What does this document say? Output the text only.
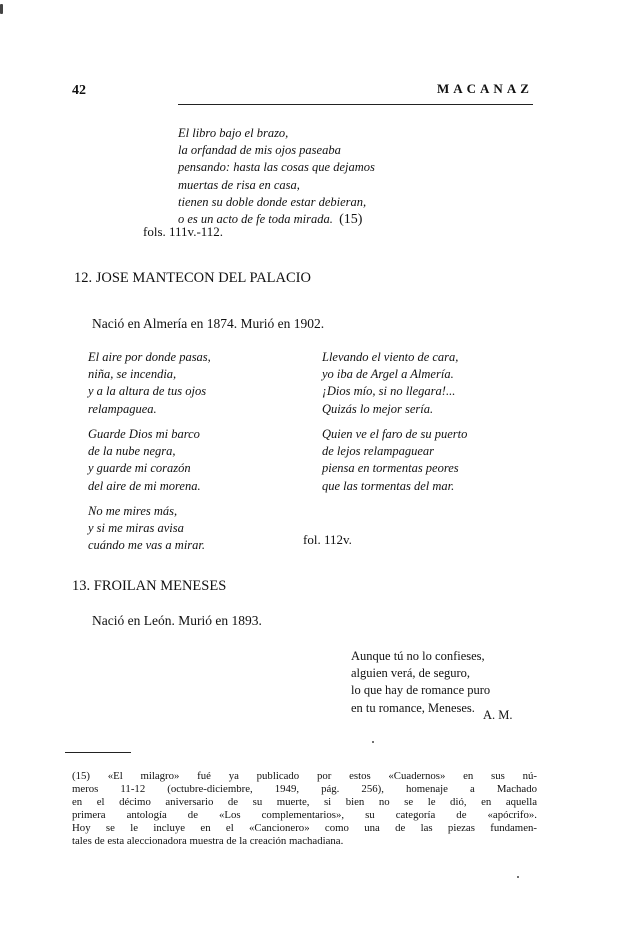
42	MACANAZ
El libro bajo el brazo,
la orfandad de mis ojos paseaba
pensando: hasta las cosas que dejamos
muertas de risa en casa,
tienen su doble donde estar debieran,
o es un acto de fe toda mirada. (15)
fols. 111v.-112.
12. JOSE MANTECON DEL PALACIO
Nació en Almería en 1874. Murió en 1902.
El aire por donde pasas,
niña, se incendia,
y a la altura de tus ojos
relampaguea.
Guarde Dios mi barco
de la nube negra,
y guarde mi corazón
del aire de mi morena.
No me mires más,
y si me miras avisa
cuándo me vas a mirar.
Llevando el viento de cara,
yo iba de Argel a Almería.
¡Dios mío, si no llegara!...
Quizás lo mejor sería.
Quien ve el faro de su puerto
de lejos relampaguear
piensa en tormentas peores
que las tormentas del mar.
fol. 112v.
13. FROILAN MENESES
Nació en León. Murió en 1893.
Aunque tú no lo confieses,
alguien verá, de seguro,
lo que hay de romance puro
en tu romance, Meneses.
A. M.
(15) «El milagro» fué ya publicado por estos «Cuadernos» en sus nú-
meros 11-12 (octubre-diciembre, 1949, pág. 256), homenaje a Machado
en el décimo aniversario de su muerte, si bien no se le dió, en aquella
primera antología de «Los complementarios», su categoría de «apócrifo».
Hoy se le incluye en el «Cancionero» como una de las piezas fundamen-
tales de esta aleccionadora muestra de la creación machadiana.
